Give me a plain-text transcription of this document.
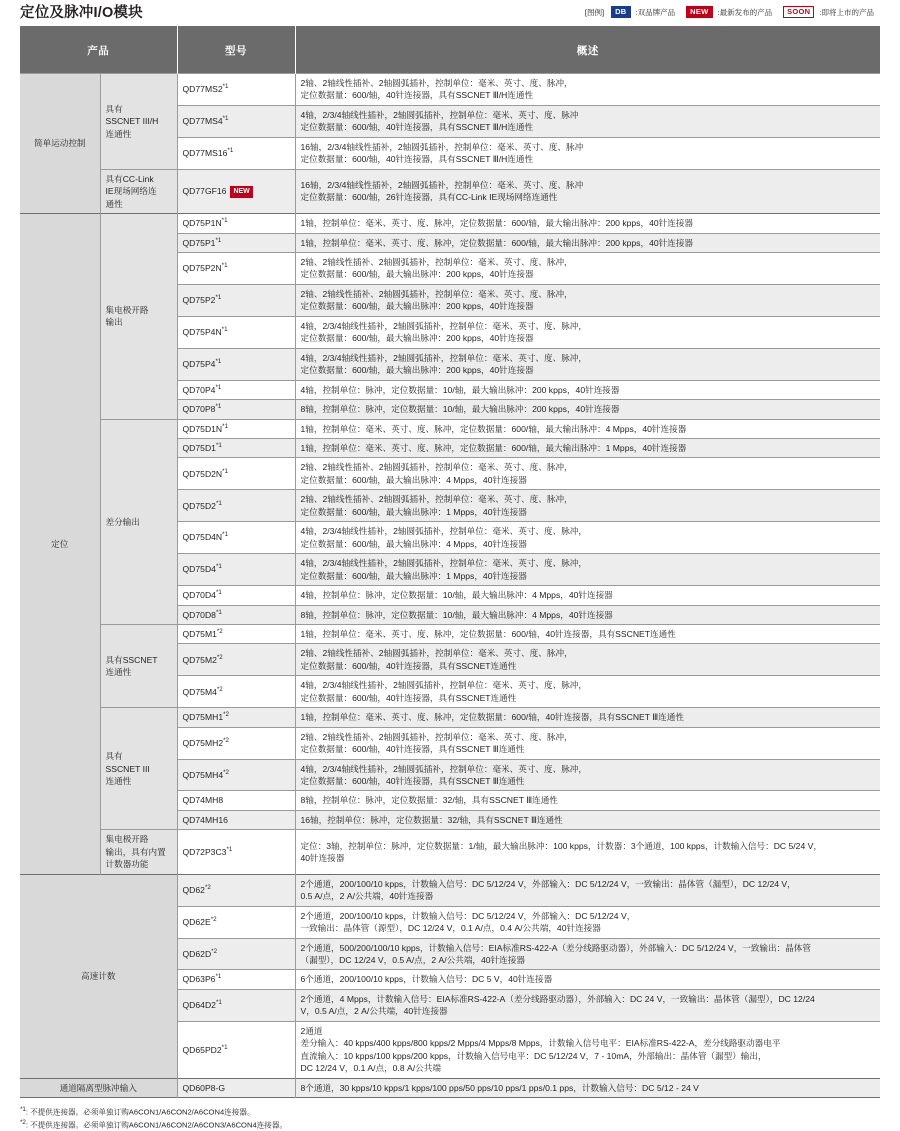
定位及脉冲I/O模块	[图例]	DB	:双品牌产品	NEW	:最新发布的产品	SOON	:即将上市的产品
产品		型号	概述
简单运动控制	具有
SSCNET III/H
连通性	QD77MS2$^{*1}$	2轴、2轴线性插补、2轴圆弧插补，控制单位：毫米、英寸、度、脉冲，
定位数据量：600/轴，40针连接器，具有SSCNET Ⅲ/H连通性

		QD77MS4$^{*1}$	4轴，2/3/4轴线性插补，2轴圆弧插补，控制单位：毫米、英寸、度、脉冲
定位数据量：600/轴，40针连接器，具有SSCNET Ⅲ/H连通性

		QD77MS16$^{*1}$	16轴，2/3/4轴线性插补，2轴圆弧插补，控制单位：毫米、英寸、度、脉冲
定位数据量：600/轴，40针连接器，具有SSCNET Ⅲ/H连通性

	具有CC-Link
IE现场网络连
通性	QD77GF16 NEW	16轴，2/3/4轴线性插补，2轴圆弧插补，控制单位：毫米、英寸、度、脉冲
定位数据量：600/轴，26针连接器，具有CC-Link IE现场网络连通性

定位	集电极开路
输出	$QD75P1N^{*1}$	1轴，控制单位：毫米、英寸、度、脉冲，定位数据量：600/轴，最大输出脉冲：200 kpps，40针连接器

		QD75P1$^{*1}$	1轴，控制单位：毫米、英寸、度、脉冲，定位数据量：600/轴，最大输出脉冲：200 kpps，40针连接器

		$QD75P2N^{*1}$	2轴、2轴线性插补、2轴圆弧插补，控制单位：毫米、英寸、度、脉冲，
定位数据量：600/轴，最大输出脉冲：200 kpps，40针连接器

		QD75P2$^{*1}$	2轴、2轴线性插补、2轴圆弧插补，控制单位：毫米、英寸、度、脉冲，
定位数据量：600/轴，最大输出脉冲：200 kpps，40针连接器

		$QD75P4N^{*1}$	4轴，2/3/4轴线性插补，2轴圆弧插补，控制单位：毫米、英寸、度、脉冲，
定位数据量：600/轴，最大输出脉冲：200 kpps，40针连接器

		QD75P4$^{*1}$	4轴，2/3/4轴线性插补，2轴圆弧插补，控制单位：毫米、英寸、度、脉冲，
定位数据量：600/轴，最大输出脉冲：200 kpps，40针连接器

		QD70P4$^{*1}$	4轴，控制单位：脉冲，定位数据量：10/轴，最大输出脉冲：200 kpps，40针连接器

		QD70P8$^{*1}$	8轴，控制单位：脉冲，定位数据量：10/轴，最大输出脉冲：200 kpps，40针连接器

	差分输出	$QD75D1N^{*1}$	1轴，控制单位：毫米、英寸、度、脉冲，定位数据量：600/轴，最大输出脉冲：4 Mpps，40针连接器

		QD75D1$^{*1}$	1轴，控制单位：毫米、英寸、度、脉冲，定位数据量：600/轴，最大输出脉冲：1 Mpps，40针连接器

		$QD75D2N^{*1}$	2轴、2轴线性插补、2轴圆弧插补，控制单位：毫米、英寸、度、脉冲，
定位数据量：600/轴，最大输出脉冲：4 Mpps，40针连接器

		QD75D2$^{*1}$	2轴、2轴线性插补、2轴圆弧插补，控制单位：毫米、英寸、度、脉冲，
定位数据量：600/轴，最大输出脉冲：1 Mpps，40针连接器

		$QD75D4N^{*1}$	4轴，2/3/4轴线性插补，2轴圆弧插补，控制单位：毫米、英寸、度、脉冲，
定位数据量：600/轴，最大输出脉冲：4 Mpps，40针连接器

		QD75D4$^{*1}$	4轴，2/3/4轴线性插补，2轴圆弧插补，控制单位：毫米、英寸、度、脉冲，
定位数据量：600/轴，最大输出脉冲：1 Mpps，40针连接器

		QD70D4$^{*1}$	4轴，控制单位：脉冲，定位数据量：10/轴，最大输出脉冲：4 Mpps，40针连接器

		QD70D8$^{*1}$	8轴，控制单位：脉冲，定位数据量：10/轴，最大输出脉冲：4 Mpps，40针连接器

	具有SSCNET
连通性	QD75M1$^{*2}$	1轴，控制单位：毫米、英寸、度、脉冲，定位数据量：600/轴，40针连接器，具有SSCNET连通性

		QD75M2$^{*2}$	2轴、2轴线性插补、2轴圆弧插补，控制单位：毫米、英寸、度、脉冲，
定位数据量：600/轴，40针连接器，具有SSCNET连通性

		QD75M4$^{*2}$	4轴，2/3/4轴线性插补，2轴圆弧插补，控制单位：毫米、英寸、度、脉冲，
定位数据量：600/轴，40针连接器，具有SSCNET连通性

	具有
SSCNET III
连通性	QD75MH1$^{*2}$	1轴，控制单位：毫米、英寸、度、脉冲，定位数据量：600/轴，40针连接器，具有SSCNET Ⅲ连通性

		QD75MH2$^{*2}$	2轴、2轴线性插补、2轴圆弧插补，控制单位：毫米、英寸、度、脉冲，
定位数据量：600/轴，40针连接器，具有SSCNET Ⅲ连通性

		QD75MH4$^{*2}$	4轴，2/3/4轴线性插补，2轴圆弧插补，控制单位：毫米、英寸、度、脉冲，
定位数据量：600/轴，40针连接器，具有SSCNET Ⅲ连通性

		QD74MH8	8轴，控制单位：脉冲，定位数据量：32/轴，具有SSCNET Ⅲ连通性

		QD74MH16	16轴，控制单位：脉冲，定位数据量：32/轴，具有SSCNET Ⅲ连通性

	集电极开路
输出，具有内置
计数器功能	QD72P3C3$^{*1}$	定位：3轴，控制单位：脉冲，定位数据量：1/轴，最大输出脉冲：100 kpps，计数器：3个通道，100 kpps，计数输入信号：DC 5/24 V，
40针连接器

高速计数		QD62$^{*2}$	2个通道，200/100/10 kpps，计数输入信号：DC 5/12/24 V，外部输入：DC 5/12/24 V，一致输出：晶体管（漏型），DC 12/24 V，
0.5 A/点，2 A/公共端，40针连接器

		$QD62E^{*2}$	2个通道，200/100/10 kpps，计数输入信号：DC 5/12/24 V，外部输入：DC 5/12/24 V，
一致输出：晶体管（源型），DC 12/24 V，0.1 A/点，0.4 A/公共端，40针连接器

		$QD62D^{*2}$	2个通道，500/200/100/10 kpps，计数输入信号：EIA标准RS-422-A（差分线路驱动器），外部输入：DC 5/12/24 V，一致输出：晶体管
（漏型），DC 12/24 V，0.5 A/点，2 A/公共端，40针连接器

		QD63P6$^{*1}$	6个通道，200/100/10 kpps，计数输入信号：DC 5 V，40针连接器

		QD64D2$^{*1}$	2个通道，4 Mpps，计数输入信号：EIA标准RS-422-A（差分线路驱动器），外部输入：DC 24 V，一致输出：晶体管（漏型），DC 12/24
V，0.5 A/点，2 A/公共端，40针连接器

		QD65PD2$^{*1}$	2通道
差分输入：40 kpps/400 kpps/800 kpps/2 Mpps/4 Mpps/8 Mpps，计数输入信号电平：EIA标准RS-422-A，差分线路驱动器电平
直流输入：10 kpps/100 kpps/200 kpps，计数输入信号电平：DC 5/12/24 V，7 - 10mA，外部输出：晶体管（漏型）输出，
DC 12/24 V，0.1 A/点，0.8 A/公共端

通道隔离型脉冲输入		QD60P8-G	8个通道，30 kpps/10 kpps/1 kpps/100 pps/50 pps/10 pps/1 pps/0.1 pps，计数输入信号：DC 5/12 - 24 V
$^{*1}$: 不提供连接器。必须单独订购A6CON1/A6CON2/A6CON4连接器。
$^{*2}$: 不提供连接器。必须单独订购A6CON1/A6CON2/A6CON3/A6CON4连接器。
